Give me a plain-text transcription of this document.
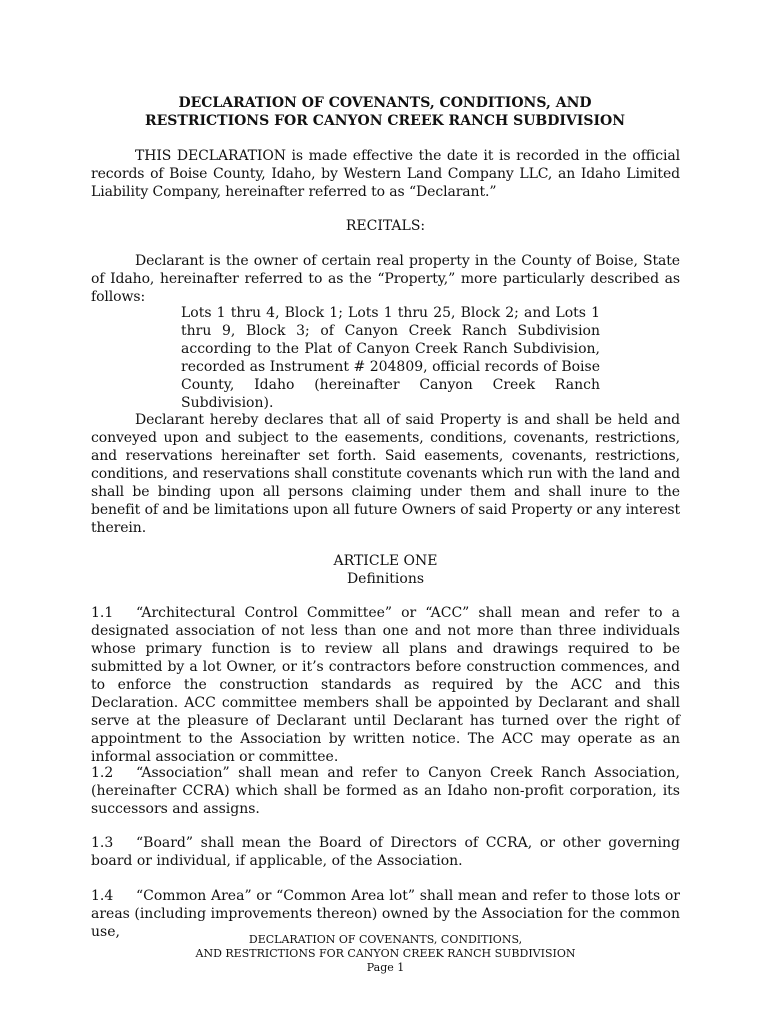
DECLARATION OF COVENANTS, CONDITIONS, AND
RESTRICTIONS FOR CANYON CREEK RANCH SUBDIVISION
THIS DECLARATION is made effective the date it is recorded in the official records of Boise County, Idaho, by Western Land Company LLC, an Idaho Limited Liability Company, hereinafter referred to as “Declarant.”
RECITALS:
Declarant is the owner of certain real property in the County of Boise, State of Idaho, hereinafter referred to as the “Property,” more particularly described as follows:
Lots 1 thru 4, Block 1; Lots 1 thru 25, Block 2; and Lots 1 thru 9, Block 3; of Canyon Creek Ranch Subdivision according to the Plat of Canyon Creek Ranch Subdivision, recorded as Instrument # 204809, official records of Boise County, Idaho (hereinafter Canyon Creek Ranch Subdivision).
Declarant hereby declares that all of said Property is and shall be held and conveyed upon and subject to the easements, conditions, covenants, restrictions, and reservations hereinafter set forth. Said easements, covenants, restrictions, conditions, and reservations shall constitute covenants which run with the land and shall be binding upon all persons claiming under them and shall inure to the benefit of and be limitations upon all future Owners of said Property or any interest therein.
ARTICLE ONE
Definitions
1.1 “Architectural Control Committee” or “ACC” shall mean and refer to a designated association of not less than one and not more than three individuals whose primary function is to review all plans and drawings required to be submitted by a lot Owner, or it’s contractors before construction commences, and to enforce the construction standards as required by the ACC and this Declaration. ACC committee members shall be appointed by Declarant and shall serve at the pleasure of Declarant until Declarant has turned over the right of appointment to the Association by written notice. The ACC may operate as an informal association or committee.
1.2 “Association” shall mean and refer to Canyon Creek Ranch Association, (hereinafter CCRA) which shall be formed as an Idaho non-profit corporation, its successors and assigns.
1.3 “Board” shall mean the Board of Directors of CCRA, or other governing board or individual, if applicable, of the Association.
1.4 “Common Area” or “Common Area lot” shall mean and refer to those lots or areas (including improvements thereon) owned by the Association for the common use,	DECLARATION OF COVENANTS, CONDITIONS,
AND RESTRICTIONS FOR CANYON CREEK RANCH SUBDIVISION
Page 1
